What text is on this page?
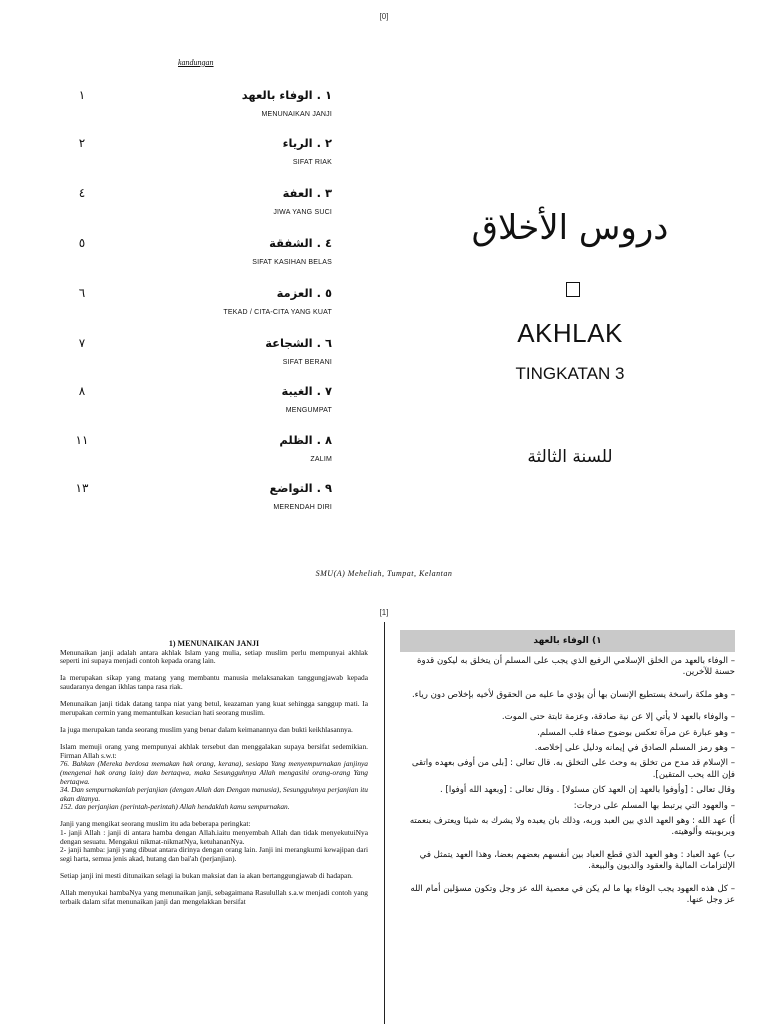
[0]
kandungan
١	١ . الوفاء بالعهد
MENUNAIKAN JANJI
٢	٢ . الرياء
SIFAT RIAK
٤	٣ . العفة
JIWA YANG SUCI
٥	٤ . الشفقة
SIFAT KASIHAN BELAS
٦	٥ . العزمة
TEKAD / CITA-CITA YANG KUAT
٧	٦ . الشجاعة
SIFAT BERANI
٨	٧ . الغيبة
MENGUMPAT
١١	٨ . الظلم
ZALIM
١٣	٩ . التواضع
MERENDAH DIRI
دروس الأخلاق
AKHLAK
TINGKATAN 3
للسنة الثالثة
SMU(A) Meheliah, Tumpat, Kelantan
[1]
1) MENUNAIKAN JANJI

Menunaikan janji adalah antara akhlak Islam yang mulia, setiap muslim perlu mempunyai akhlak seperti ini supaya menjadi contoh kepada orang lain.

Ia merupakan sikap yang matang yang membantu manusia melaksanakan tanggungjawab kepada saudaranya dengan ikhlas tanpa rasa riak.

Menunaikan janji tidak datang tanpa niat yang betul, keazaman yang kuat sehingga sanggup mati. Ia merupakan cermin yang memantulkan kesucian hati seorang muslim.

Ia juga merupakan tanda seorang muslim yang benar dalam keimanannya dan bukti keikhlasannya.

Islam memuji orang yang mempunyai akhlak tersebut dan menggalakan supaya bersifat sedemikian. Firman Allah s.w.t:
76. Bahkan (Mereka berdosa memakan hak orang, kerana), sesiapa Yang menyempurnakan janjinya (mengenai hak orang lain) dan bertaqwa, maka Sesungguhnya Allah mengasihi orang-orang Yang bertaqwa.
34. Dan sempurnakanlah perjanjian (dengan Allah dan Dengan manusia), Sesungguhnya perjanjian itu akan ditanya.
152. dan perjanjian (perintah-perintah) Allah hendaklah kamu sempurnakan.
Janji yang mengikat seorang muslim itu ada beberapa peringkat:
1- janji Allah : janji di antara hamba dengan Allah.iaitu menyembah Allah dan tidak menyekutuiNya dengan sesuatu. Mengakui nikmat-nikmatNya, ketuhananNya.
2- janji hamba: janji yang dibuat antara dirinya dengan orang lain. Janji ini merangkumi kewajipan dari segi harta, semua jenis akad, hutang dan bai'ah (perjanjian).

Setiap janji ini mesti ditunaikan selagi ia bukan maksiat dan ia akan bertanggungjawab di hadapan.

Allah menyukai hambaNya yang menunaikan janji, sebagaimana Rasulullah s.a.w menjadi contoh yang terbaik dalam sifat menunaikan janji dan mengelakkan bersifat

١) الوفاء بالعهد

– الوفاء بالعهد من الخلق الإسلامي الرفيع الذي يجب على المسلم أن يتخلق به ليكون قدوة حسنة للآخرين.

– وهو ملكة راسخة يستطيع الإنسان بها أن يؤدي ما عليه من الحقوق لأخيه بإخلاص دون رياء.

– والوفاء بالعهد لا يأتي إلا عن نية صادقة، وعزمة ثابتة حتى الموت.

– وهو عبارة عن مرآة تعكس بوضوح صفاء قلب المسلم.

– وهو رمز المسلم الصادق في إيمانه ودليل على إخلاصه.

– الإسلام قد مدح من تخلق به وحث على التخلق به. قال تعالى : [بلى من أوفى بعهده واتقى فإن الله يحب المتقين].

وقال تعالى : [وأوفوا بالعهد إن العهد كان مسئولا] . وقال تعالى : [وبعهد الله أوفوا] .

– والعهود التي يرتبط بها المسلم على درجات:

أ) عهد الله : وهو العهد الذي بين العبد وربه، وذلك بان يعبده ولا يشرك به شيئا ويعترف بنعمته وبربوبيته وألوهيته.

ب) عهد العباد : وهو العهد الذي قطع العباد بين أنفسهم بعضهم بعضا، وهذا العهد يتمثل في الإلتزامات المالية والعقود والديون والبيعة.

– كل هذه العهود يجب الوفاء بها ما لم يكن في معصية الله عز وجل وتكون مسؤلين أمام الله عز وجل عنها.
